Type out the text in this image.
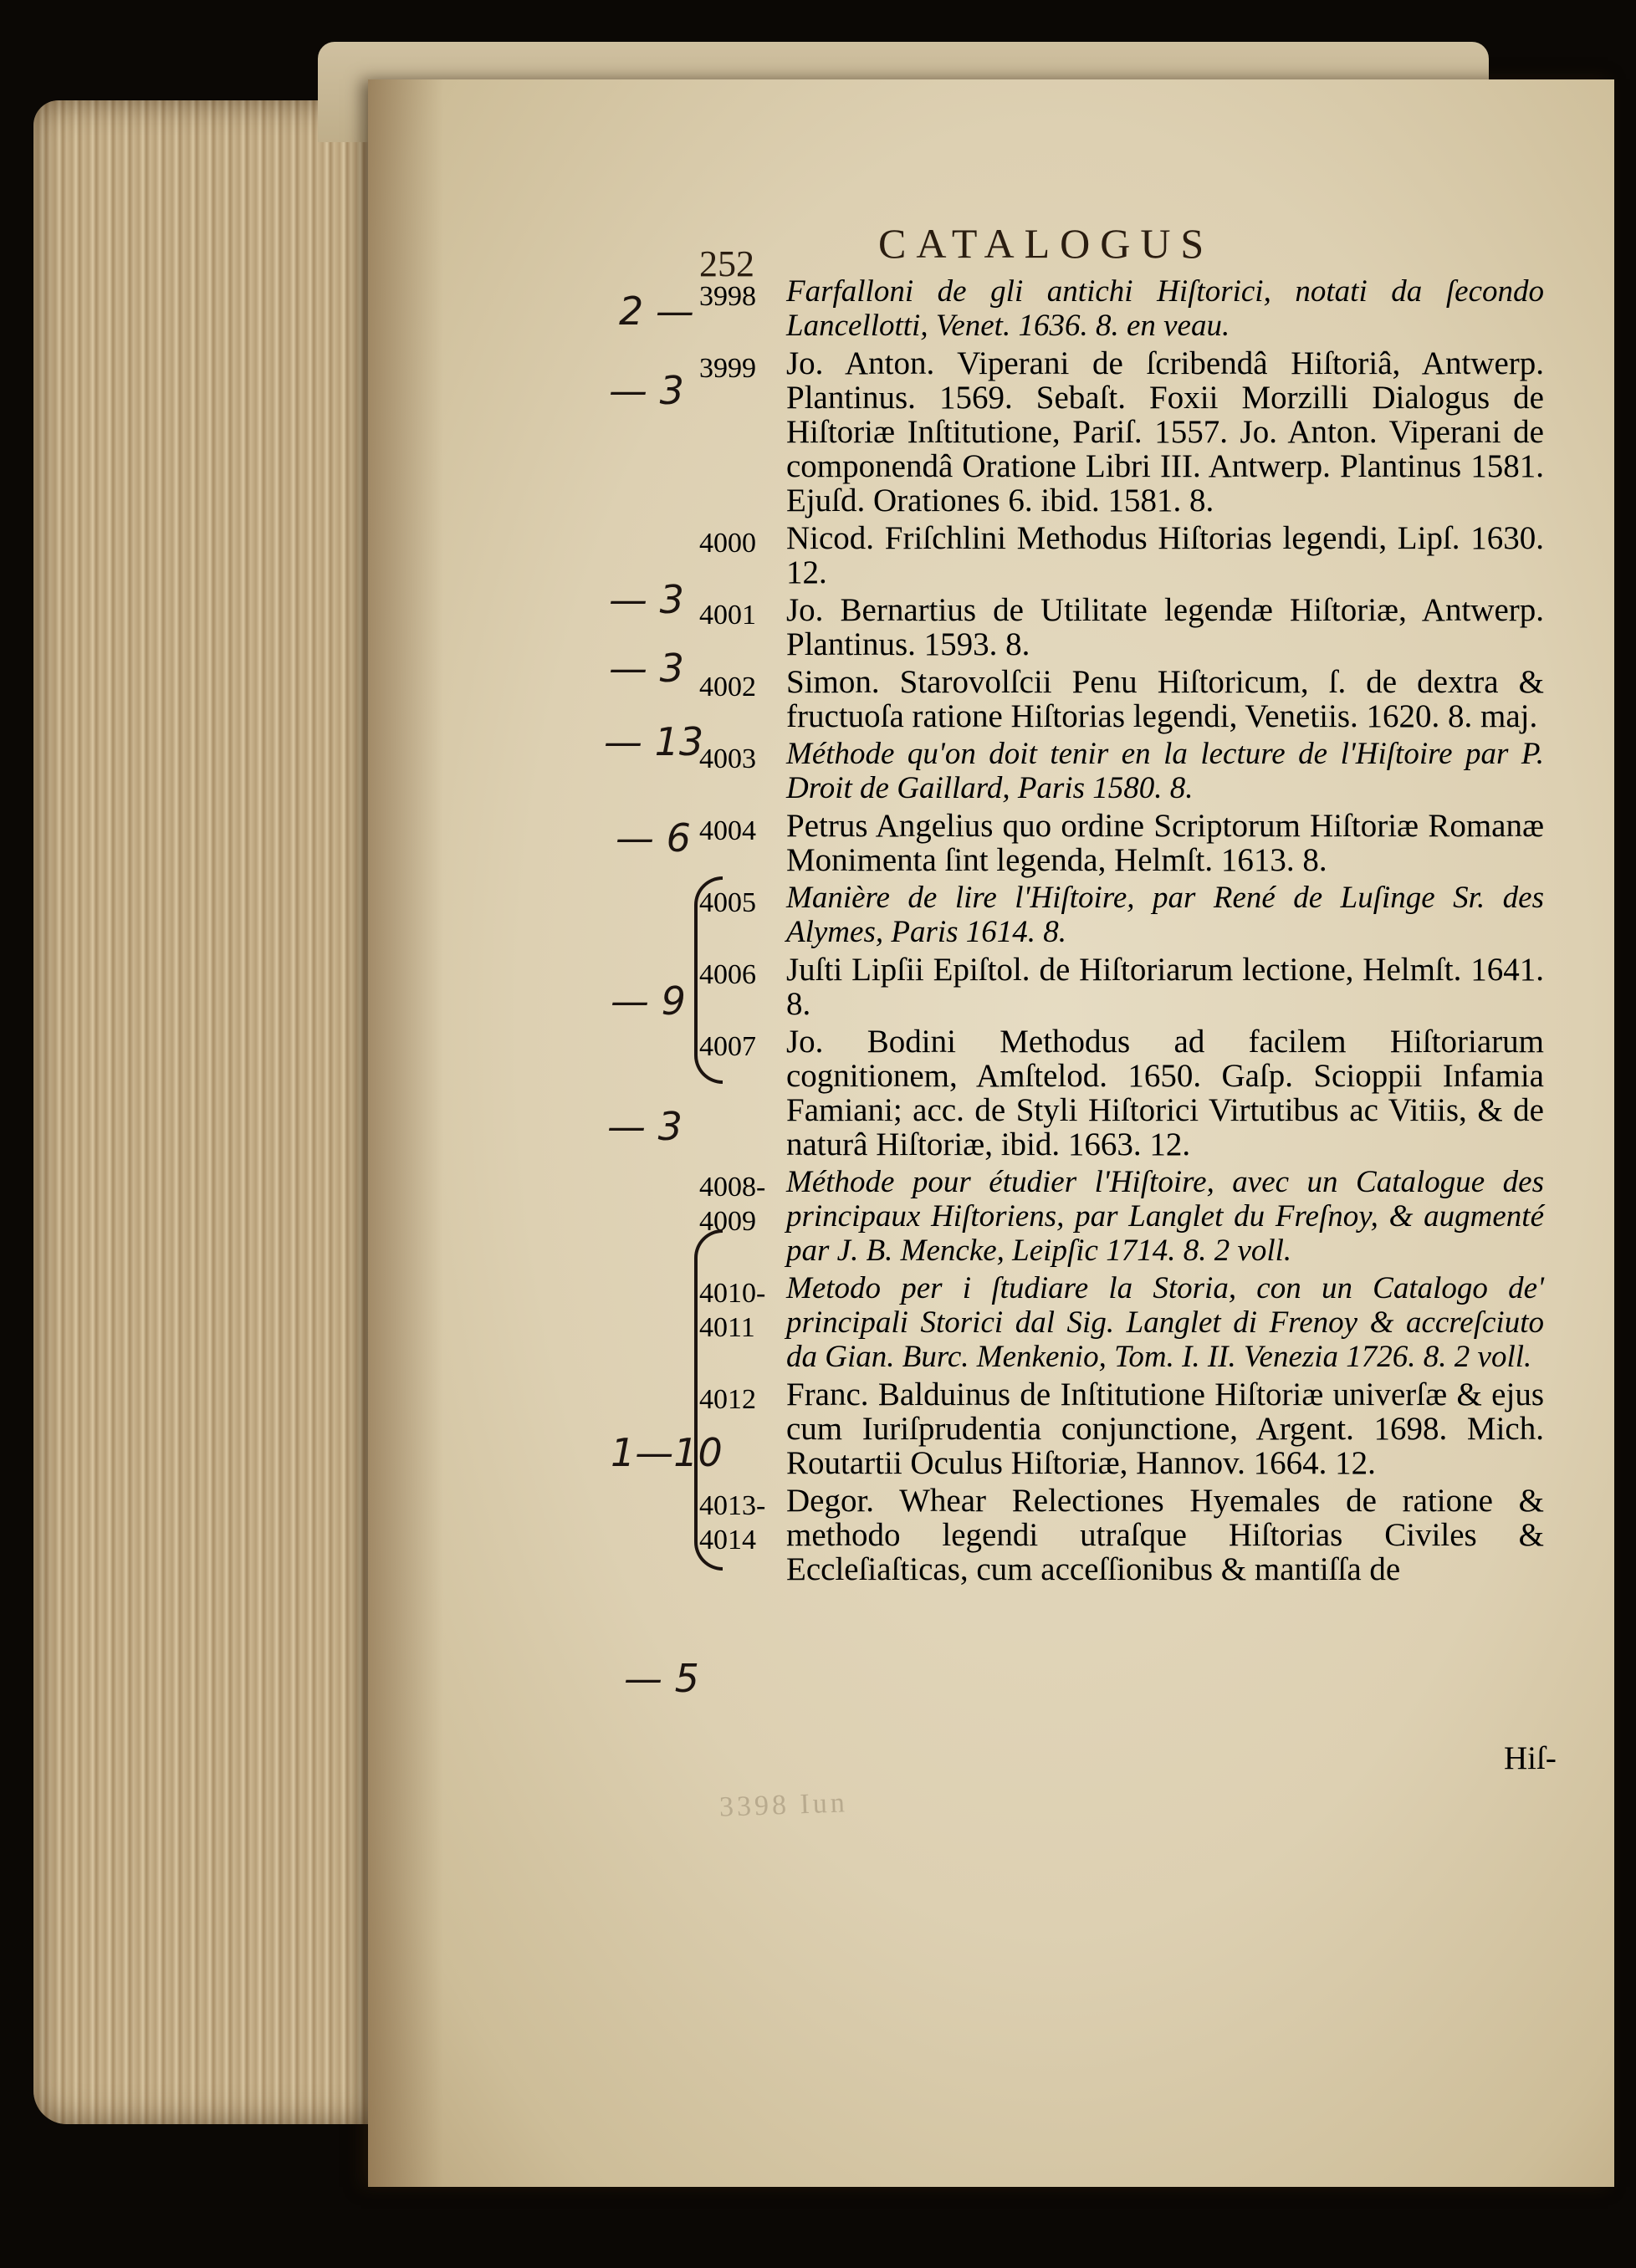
252	CATALOGUS
3998 Farfalloni de gli antichi Hiſtorici, notati da ſecondo Lancellotti, Venet. 1636. 8. en veau.
3999 Jo. Anton. Viperani de ſcribendâ Hiſtoriâ, Antwerp. Plantinus. 1569. Sebaſt. Foxii Morzilli Dialogus de Hiſtoriæ Inſtitutione, Pariſ. 1557. Jo. Anton. Viperani de componendâ Oratione Libri III. Antwerp. Plantinus 1581. Ejuſd. Orationes 6. ibid. 1581. 8.
4000 Nicod. Friſchlini Methodus Hiſtorias legendi, Lipſ. 1630. 12.
4001 Jo. Bernartius de Utilitate legendæ Hiſtoriæ, Antwerp. Plantinus. 1593. 8.
4002 Simon. Starovolſcii Penu Hiſtoricum, ſ. de dextra & fructuoſa ratione Hiſtorias legendi, Venetiis. 1620. 8. maj.
4003 Méthode qu'on doit tenir en la lecture de l'Hiſtoire par P. Droit de Gaillard, Paris 1580. 8.
4004 Petrus Angelius quo ordine Scriptorum Hiſtoriæ Romanæ Monimenta ſint legenda, Helmſt. 1613. 8.
4005 Manière de lire l'Hiſtoire, par René de Luſinge Sr. des Alymes, Paris 1614. 8.
4006 Juſti Lipſii Epiſtol. de Hiſtoriarum lectione, Helmſt. 1641. 8.
4007 Jo. Bodini Methodus ad facilem Hiſtoriarum cognitionem, Amſtelod. 1650. Gaſp. Scioppii Infamia Famiani; acc. de Styli Hiſtorici Virtutibus ac Vitiis, & de naturâ Hiſtoriæ, ibid. 1663. 12.
4008-4009
Méthode pour étudier l'Hiſtoire, avec un Catalogue des principaux Hiſtoriens, par Langlet du Freſnoy, & augmenté par J. B. Mencke, Leipſic 1714. 8. 2 voll.
4010-4011
Metodo per i ſtudiare la Storia, con un Catalogo de' principali Storici dal Sig. Langlet di Frenoy & accreſciuto da Gian. Burc. Menkenio, Tom. I. II. Venezia 1726. 8. 2 voll.
4012 Franc. Balduinus de Inſtitutione Hiſtoriæ univerſæ & ejus cum Iuriſprudentia conjunctione, Argent. 1698. Mich. Routartii Oculus Hiſtoriæ, Hannov. 1664. 12.
4013-4014
Degor. Whear Relectiones Hyemales de ratione & methodo legendi utraſque Hiſtorias Civiles & Eccleſiaſticas, cum acceſſionibus & mantiſſa de
Hiſ-
3398 Iun
2 —
— 3
— 3
— 3
— 13
— 6
— 9
— 3
1—10
— 5
